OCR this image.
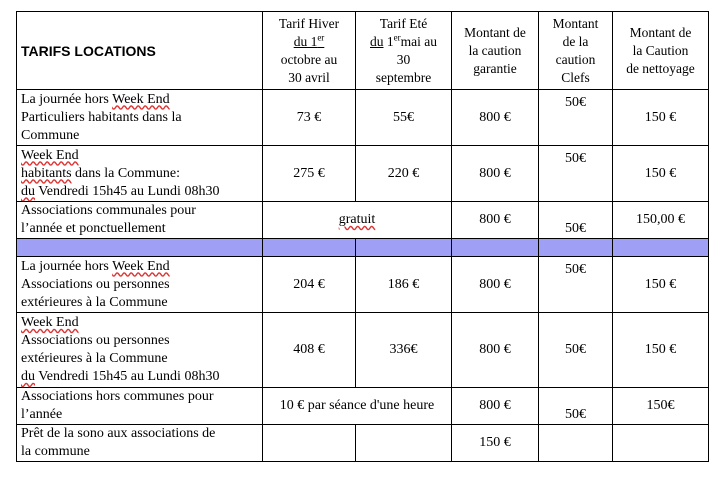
TARIFS LOCATIONS	Tarif Hiver
du 1er
octobre au
30 avril	Tarif Eté
du 1ermai au
30
septembre	Montant de
la caution
garantie	Montant
de la
caution
Clefs	Montant de
la Caution
de nettoyage
La journée hors Week End
Particuliers habitants dans la
Commune	73 €	55€	800 €	50€	150 €
Week End
habitants dans la Commune:
du Vendredi 15h45 au Lundi 08h30	275 €	220 €	800 €	50€	150 €
Associations communales pour
l’année et ponctuellement	gratuit		800 €	50€	150,00 €

La journée hors Week End
Associations ou personnes
extérieures à la Commune	204 €	186 €	800 €	50€	150 €
Week End
Associations ou personnes
extérieures à la Commune
du Vendredi 15h45 au Lundi 08h30	408 €	336€	800 €	50€	150 €
Associations hors communes pour
l’année	10 € par séance d'une heure		800 €	50€	150€
Prêt de la sono aux associations de
la commune			150 €		
